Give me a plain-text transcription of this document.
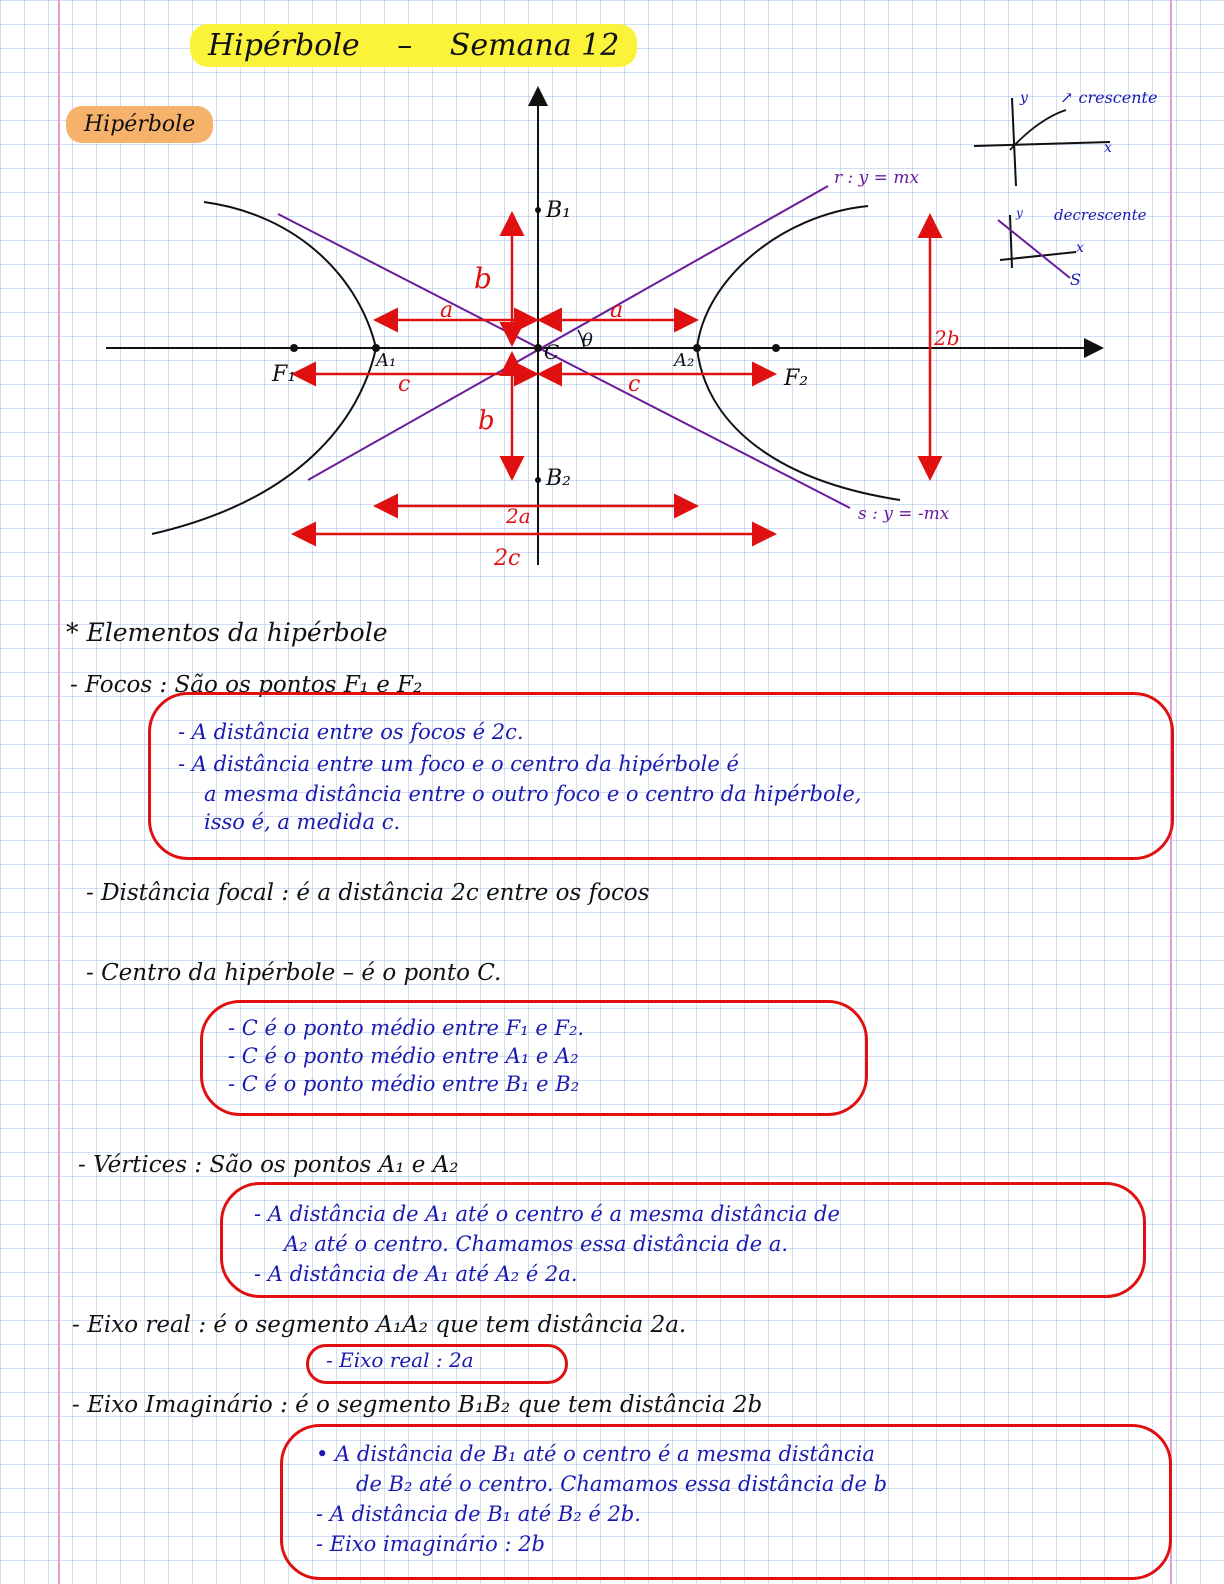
Hipérbole – Semana 12
Hipérbole
F₁
A₁	A₂
F₂
B₁
B₂
C θ
a	a
c	c
b
b
2a
2c
2b
r : y = mx
s : y = -mx
y
x
↗ crescente
y
x
decrescente
S
* Elementos da hipérbole
- Focos : São os pontos F₁ e F₂
- A distância entre os focos é 2c.
- A distância entre um foco e o centro da hipérbole é
a mesma distância entre o outro foco e o centro da hipérbole,
isso é, a medida c.
- Distância focal : é a distância 2c entre os focos
- Centro da hipérbole – é o ponto C.
- C é o ponto médio entre F₁ e F₂.
- C é o ponto médio entre A₁ e A₂
- C é o ponto médio entre B₁ e B₂
- Vértices : São os pontos A₁ e A₂
- A distância de A₁ até o centro é a mesma distância de
A₂ até o centro. Chamamos essa distância de a.
- A distância de A₁ até A₂ é 2a.
- Eixo real : é o segmento A₁A₂ que tem distância 2a.
- Eixo real : 2a
- Eixo Imaginário : é o segmento B₁B₂ que tem distância 2b
• A distância de B₁ até o centro é a mesma distância
de B₂ até o centro. Chamamos essa distância de b
- A distância de B₁ até B₂ é 2b.
- Eixo imaginário : 2b
